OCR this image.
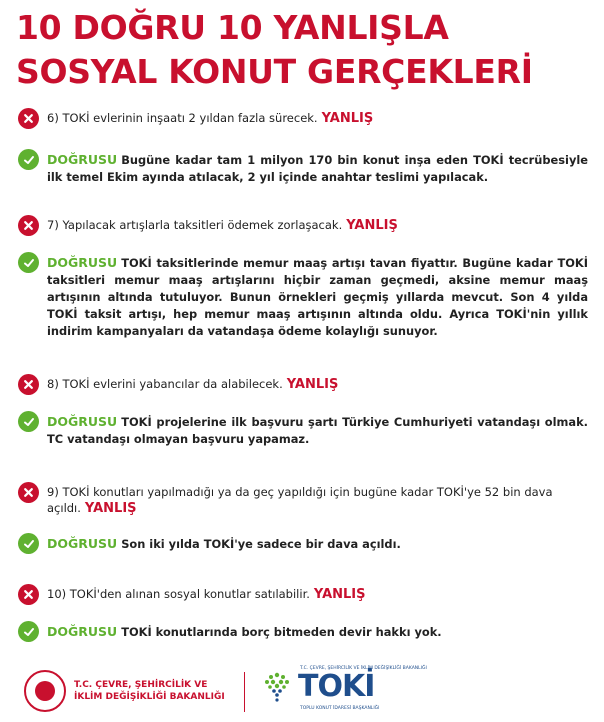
10 DOĞRU 10 YANLIŞLA
SOSYAL KONUT GERÇEKLERİ
6) TOKİ evlerinin inşaatı 2 yıldan fazla sürecek. YANLIŞ
DOĞRUSU Bugüne kadar tam 1 milyon 170 bin konut inşa eden TOKİ tecrübesiyle ilk temel Ekim ayında atılacak, 2 yıl içinde anahtar teslimi yapılacak.
7) Yapılacak artışlarla taksitleri ödemek zorlaşacak. YANLIŞ
DOĞRUSU TOKİ taksitlerinde memur maaş artışı tavan fiyattır. Bugüne kadar TOKİ taksitleri memur maaş artışlarını hiçbir zaman geçmedi, aksine memur maaş artışının altında tutuluyor. Bunun örnekleri geçmiş yıllarda mevcut. Son 4 yılda TOKİ taksit artışı, hep memur maaş artışının altında oldu. Ayrıca TOKİ'nin yıllık indirim kampanyaları da vatandaşa ödeme kolaylığı sunuyor.
8) TOKİ evlerini yabancılar da alabilecek. YANLIŞ
DOĞRUSU TOKİ projelerine ilk başvuru şartı Türkiye Cumhuriyeti vatandaşı olmak. TC vatandaşı olmayan başvuru yapamaz.
9) TOKİ konutları yapılmadığı ya da geç yapıldığı için bugüne kadar TOKİ'ye 52 bin dava açıldı. YANLIŞ
DOĞRUSU Son iki yılda TOKİ'ye sadece bir dava açıldı.
10) TOKİ'den alınan sosyal konutlar satılabilir. YANLIŞ
DOĞRUSU TOKİ konutlarında borç bitmeden devir hakkı yok.
T.C. ÇEVRE, ŞEHİRCİLİK VE
İKLİM DEĞİŞİKLİĞİ BAKANLIĞI TOKİ
T.C. ÇEVRE, ŞEHİRCİLİK VE İKLİM DEĞİŞİKLİĞİ BAKANLIĞI
TOPLU KONUT İDARESİ BAŞKANLIĞI
